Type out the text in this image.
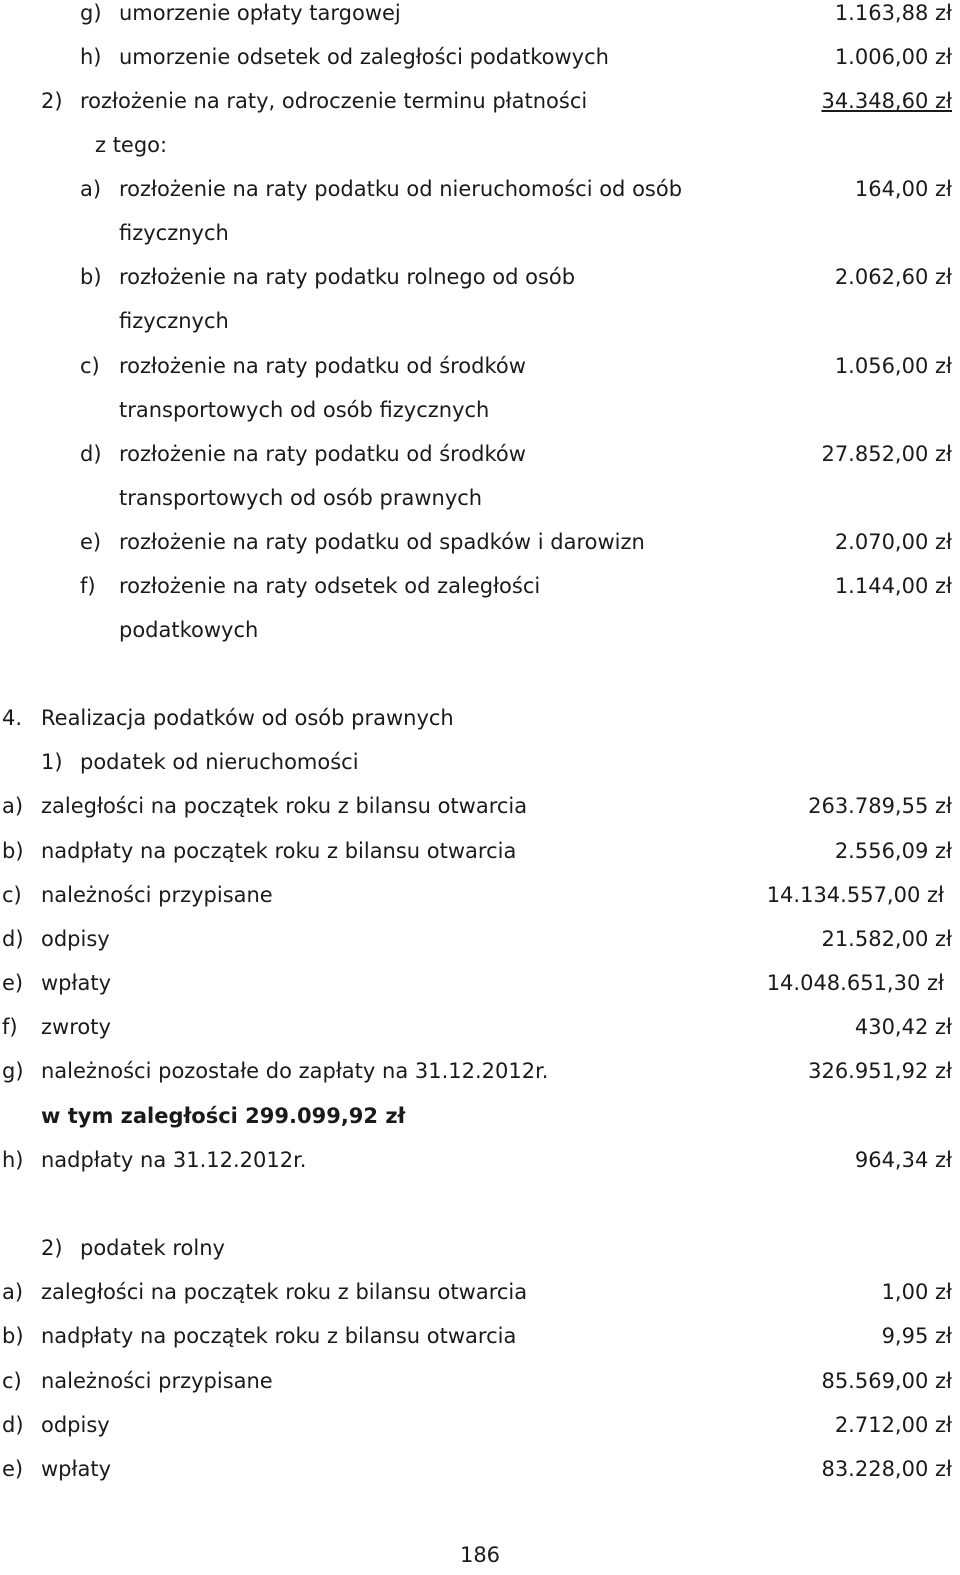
g) umorzenie opłaty targowej	1.163,88 zł
h) umorzenie odsetek od zaległości podatkowych	1.006,00 zł
2) rozłożenie na raty, odroczenie terminu płatności	34.348,60 zł
z tego:
a) rozłożenie na raty podatku od nieruchomości od osób	164,00 zł
fizycznych
b) rozłożenie na raty podatku rolnego od osób	2.062,60 zł
fizycznych
c) rozłożenie na raty podatku od środków	1.056,00 zł
transportowych od osób fizycznych
d) rozłożenie na raty podatku od środków	27.852,00 zł
transportowych od osób prawnych
e) rozłożenie na raty podatku od spadków i darowizn	2.070,00 zł
f) rozłożenie na raty odsetek od zaległości	1.144,00 zł
podatkowych
4. Realizacja podatków od osób prawnych
1) podatek od nieruchomości
a) zaległości na początek roku z bilansu otwarcia	263.789,55 zł
b) nadpłaty na początek roku z bilansu otwarcia	2.556,09 zł
c) należności przypisane	14.134.557,00 zł
d) odpisy	21.582,00 zł
e) wpłaty	14.048.651,30 zł
f) zwroty	430,42 zł
g) należności pozostałe do zapłaty na 31.12.2012r.	326.951,92 zł
w tym zaległości 299.099,92 zł
h) nadpłaty na 31.12.2012r.	964,34 zł
2) podatek rolny
a) zaległości na początek roku z bilansu otwarcia	1,00 zł
b) nadpłaty na początek roku z bilansu otwarcia	9,95 zł
c) należności przypisane	85.569,00 zł
d) odpisy	2.712,00 zł
e) wpłaty	83.228,00 zł
186
